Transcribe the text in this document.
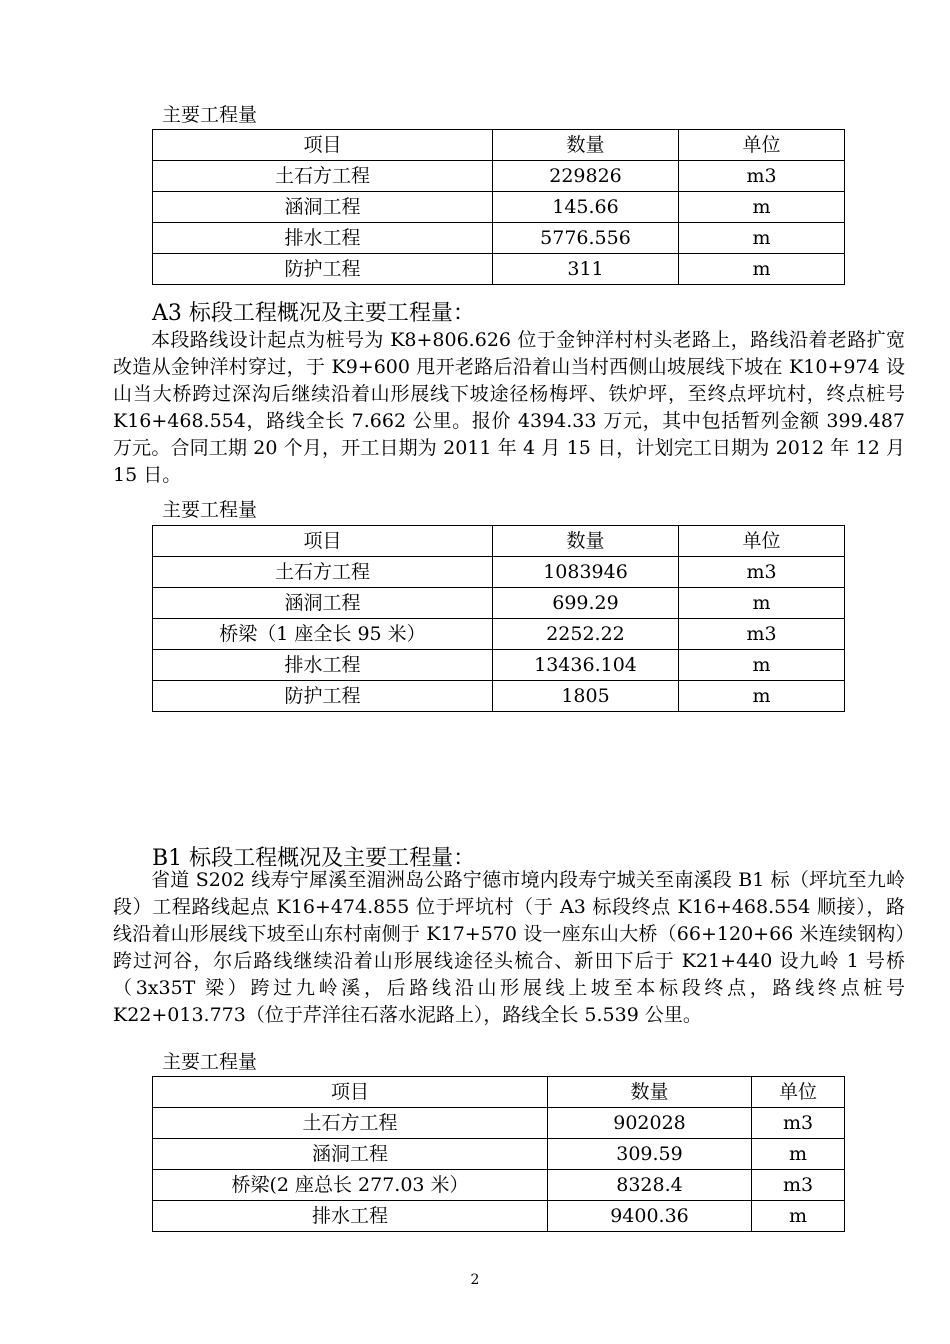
主要工程量
项目	数量	单位
土石方工程	229826	m3
涵洞工程	145.66	m
排水工程	5776.556	m
防护工程	311	m
A3 标段工程概况及主要工程量：

本段路线设计起点为桩号为 K8+806.626 位于金钟洋村村头老路上，路线沿着老路扩宽改造从金钟洋村穿过，于 K9+600 甩开老路后沿着山当村西侧山坡展线下坡在 K10+974 设山当大桥跨过深沟后继续沿着山形展线下坡途径杨梅坪、铁炉坪，至终点坪坑村，终点桩号 K16+468.554，路线全长 7.662 公里。报价 4394.33 万元，其中包括暂列金额 399.487 万元。合同工期 20 个月，开工日期为 2011 年 4 月 15 日，计划完工日期为 2012 年 12 月 15 日。

主要工程量
项目	数量	单位
土石方工程	1083946	m3
涵洞工程	699.29	m
桥梁（1 座全长 95 米）	2252.22	m3
排水工程	13436.104	m
防护工程	1805	m
B1 标段工程概况及主要工程量：

省道 S202 线寿宁犀溪至湄洲岛公路宁德市境内段寿宁城关至南溪段 B1 标（坪坑至九岭段）工程路线起点 K16+474.855 位于坪坑村（于 A3 标段终点 K16+468.554 顺接），路线沿着山形展线下坡至山东村南侧于 K17+570 设一座东山大桥（66+120+66 米连续钢构）跨过河谷，尔后路线继续沿着山形展线途径头梳合、新田下后于 K21+440 设九岭 1 号桥（3x35T 梁）跨过九岭溪，后路线沿山形展线上坡至本标段终点，路线终点桩号 K22+013.773（位于芹洋往石落水泥路上），路线全长 5.539 公里。

主要工程量
项目	数量	单位
土石方工程	902028	m3
涵洞工程	309.59	m
桥梁(2 座总长 277.03 米）	8328.4	m3
排水工程	9400.36	m
2
